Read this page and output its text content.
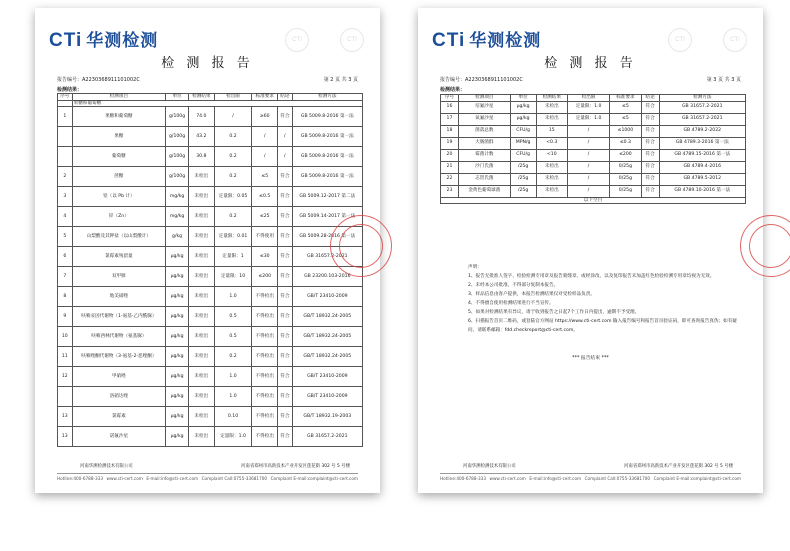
CTi 华测检测	CTI	CTI
检 测 报 告
报告编号：A2230368911101002C	第 2 页 共 3 页
检测结果：
序号	检测项目	单位	检测结果	检出限	标准要求	结论	检测方法
	果糖和葡萄糖						
1	果糖和葡萄糖	g/100g	74.0	/	≥60	符合	GB 5009.8-2016 第一法
	果糖	g/100g	43.2	0.2	/	/	GB 5009.8-2016 第一法
	葡萄糖	g/100g	30.8	0.2	/	/	GB 5009.8-2016 第一法
2	蔗糖	g/100g	未检出	0.2	≤5	符合	GB 5009.8-2016 第一法
3	铅（以 Pb 计）	mg/kg	未检出	定量限：0.05	≤0.5	符合	GB 5009.12-2017 第二法
4	锌（Zn）	mg/kg	未检出	0.2	≤25	符合	GB 5009.14-2017 第一法
5	山梨酸及其钾盐（以山梨酸计）	g/kg	未检出	定量限：0.01	不得使用	符合	GB 5009.28-2016 第一法
6	氯霉素残留量	μg/kg	未检出	定量限：1	≤30	符合	GB 31657.2-2021
7	双甲脒	μg/kg	未检出	定量限：10	≤200	符合	GB 23200.103-2016
8	地美硝唑	μg/kg	未检出	1.0	不得检出	符合	GB/T 23410-2009
9	呋喃妥因代谢物（1-氨基-乙内酰脲）	μg/kg	未检出	0.5	不得检出	符合	GB/T 18932.24-2005
10	呋喃西林代谢物（氨基脲）	μg/kg	未检出	0.5	不得检出	符合	GB/T 18932.24-2005
11	呋喃唑酮代谢物（3-氨基-2-恶唑酮）	μg/kg	未检出	0.2	不得检出	符合	GB/T 18932.24-2005
12	甲硝唑	μg/kg	未检出	1.0	不得检出	符合	GB/T 23410-2009
	洛硝达唑	μg/kg	未检出	1.0	不得检出	符合	GB/T 23410-2009
13	氯霉素	μg/kg	未检出	0.10	不得检出	符合	GB/T 18932.19-2003
13	诺氟沙星	μg/kg	未检出	定量限：1.0	不得检出	符合	GB 31657.2-2021
河南华测检测技术有限公司	河南省郑州市高新技术产业开发区莲花街 302 号 5 号楼
Hotline:400-6788-333 www.cti-cert.com E-mail:info@cti-cert.com Complaint Call:0755-33681700 Complaint E-mail:complaint@cti-cert.com
CTi 华测检测	CTI	CTI
检 测 报 告
报告编号：A2230368911101002C	第 3 页 共 3 页
检测结果：
序号	检测项目	单位	检测结果	检出限	标准要求	结论	检测方法
16	培氟沙星	μg/kg	未检出	定量限：1.0	≤5	符合	GB 31657.2-2021
17	氧氟沙星	μg/kg	未检出	定量限：1.0	≤5	符合	GB 31657.2-2021
18	菌落总数	CFU/g	15	/	≤1000	符合	GB 4789.2-2022
19	大肠菌群	MPN/g	<0.3	/	≤0.3	符合	GB 4789.3-2016 第一法
20	霉菌计数	CFU/g	<10	/	≤200	符合	GB 4789.15-2016 第一法
21	沙门氏菌	/25g	未检出	/	0/25g	符合	GB 4789.4-2016
22	志贺氏菌	/25g	未检出	/	0/25g	符合	GB 4789.5-2012
23	金黄色葡萄球菌	/25g	未检出	/	0/25g	符合	GB 4789.10-2016 第一法
以下空白							
声明：
1、报告无批准人签字、检验检测专用章及报告骑缝章、或经涂改，以及复印报告未加盖红色检验检测专用章均视为无效。
2、未经本公司批准，不得部分复制本报告。
3、样品信息由客户提供，本报告检测结果仅对受检样品负责。
4、不得擅自使用检测结果进行不当宣传。
5、如果对检测结果有异议，请于收到报告之日起7个工作日内提出，逾期不予受理。
6、扫描报告首页二维码，或登陆官方网站 https://www.cti-cert.com 输入报告编号和报告首页验证码，即可查询报告真伪；如有疑问，请联系邮箱：fdd.checkreport@cti-cert.com。
*** 报告结束 ***
河南华测检测技术有限公司	河南省郑州市高新技术产业开发区莲花街 302 号 5 号楼
Hotline:400-6788-333 www.cti-cert.com E-mail:info@cti-cert.com Complaint Call:0755-33681700 Complaint E-mail:complaint@cti-cert.com
